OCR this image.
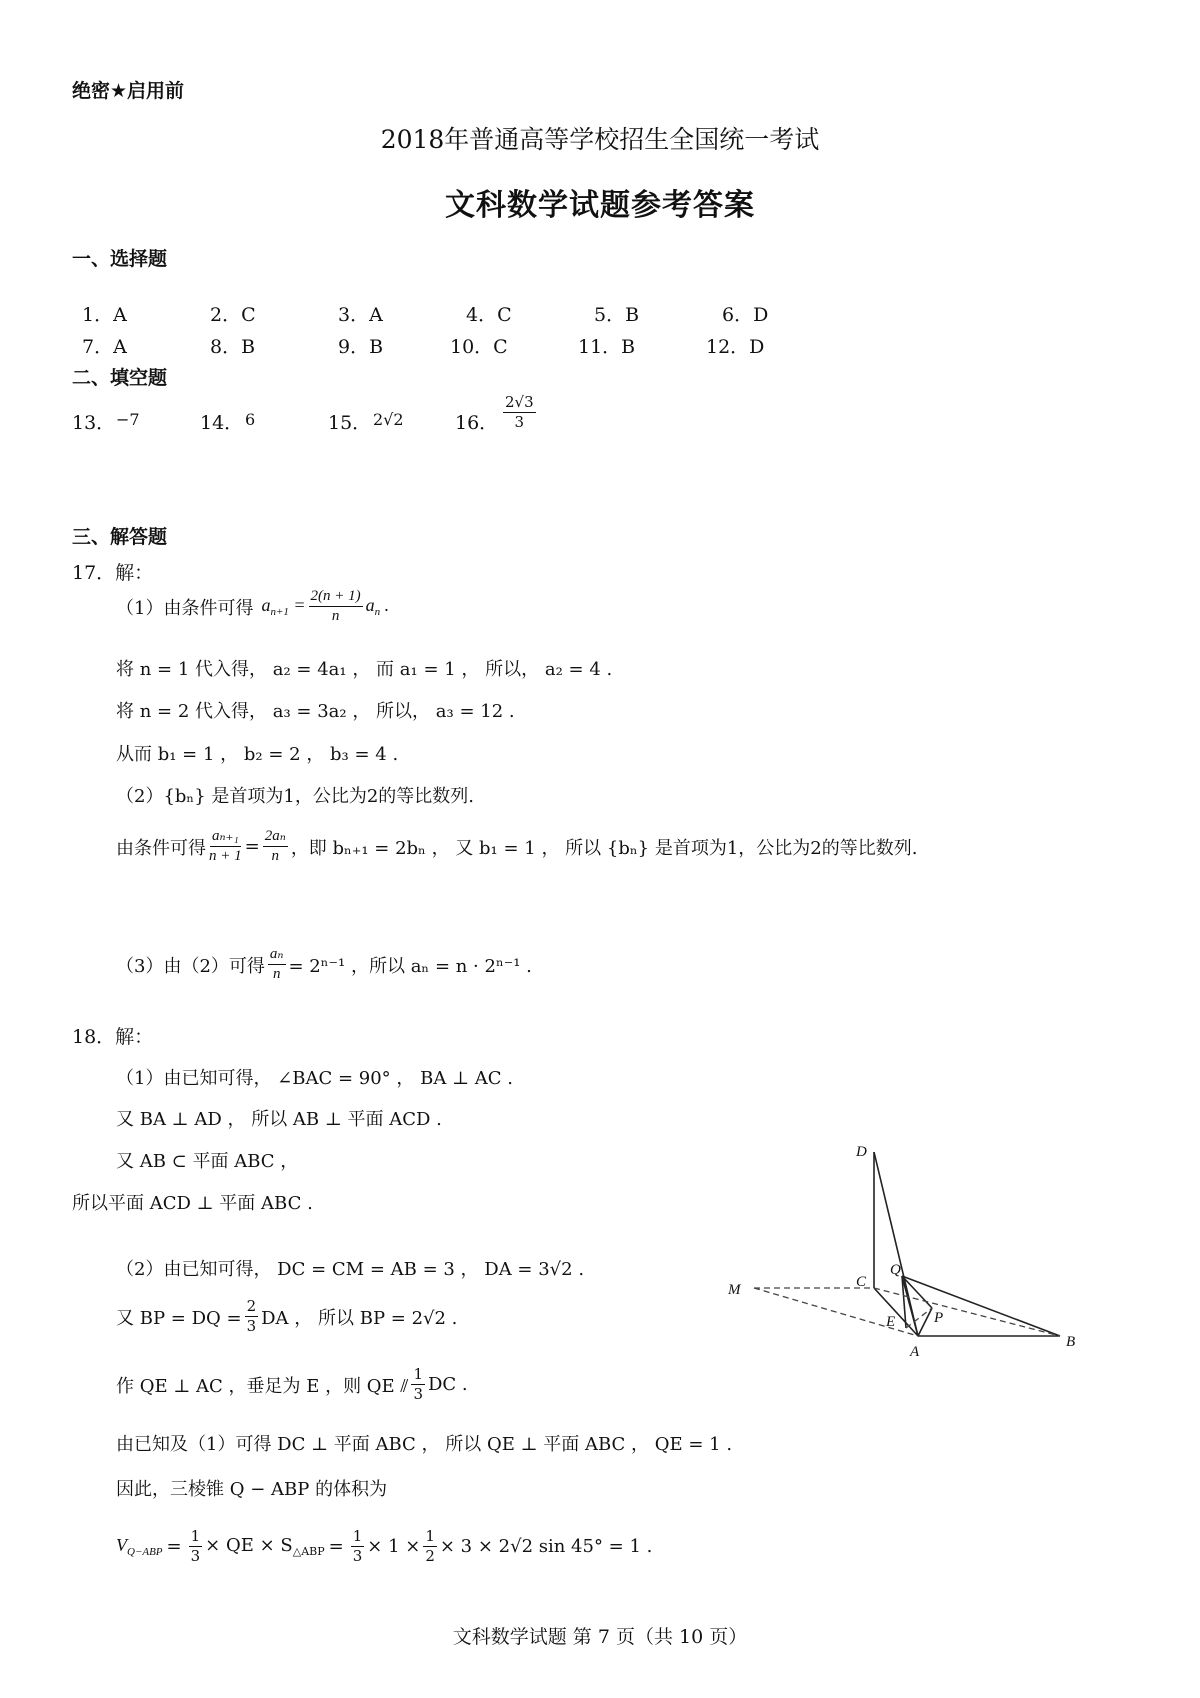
绝密★启用前
2018年普通高等学校招生全国统一考试
文科数学试题参考答案
一、选择题
1．A	2．C	3．A	4．C	5．B	6．D
7．A	8．B	9．B	10．C	11．B	12．D
二、填空题
13． −7	14． 6	15． 2√2	16． $\frac{2√3}{3}$
三、解答题
17．解：
（1）由条件可得 $a_{n+1} = \frac{2(n + 1)}{n} a_n$ .
将 n = 1 代入得， a₂ = 4a₁ ， 而 a₁ = 1 ， 所以， a₂ = 4 .
将 n = 2 代入得， a₃ = 3a₂ ， 所以， a₃ = 12 .
从而 b₁ = 1 ， b₂ = 2 ， b₃ = 4 .
（2）{bₙ} 是首项为1，公比为2的等比数列.
由条件可得 $\frac{\text{aₙ₊₁}}{n + 1} = \frac{\text{2aₙ}}{n}$ ，即 bₙ₊₁ = 2bₙ ， 又 b₁ = 1 ， 所以 {bₙ} 是首项为1，公比为2的等比数列.
（3）由（2）可得 $\frac{\text{aₙ}}{n} = 2^{n-1}$ ，所以 aₙ = n · 2ⁿ⁻¹ .
18．解：
（1）由已知可得， ∠BAC = 90° ， BA ⊥ AC .
又 BA ⊥ AD ， 所以 AB ⊥ 平面 ACD .
又 AB ⊂ 平面 ABC ，
所以平面 ACD ⊥ 平面 ABC .
（2）由已知可得， DC = CM = AB = 3 ， DA = 3√2 .
又 BP = DQ = $\frac{2}{3}$ DA ， 所以 BP = 2√2 .
作 QE ⊥ AC ，垂足为 E ，则 QE ⫽ $\frac{1}{3}$ DC .
由已知及（1）可得 DC ⊥ 平面 ABC ， 所以 QE ⊥ 平面 ABC ， QE = 1 .
因此，三棱锥 Q − ABP 的体积为
$V_{Q-ABP} = \frac{1}{3}$ × QE × $S_{\triangle ABP} = \frac{1}{3} \times 1 \times \frac{1}{2} \times 3 \times 2√2$ sin 45° = 1 .
D
C
Q
M
E	P
A
B
文科数学试题 第 7 页（共 10 页）
